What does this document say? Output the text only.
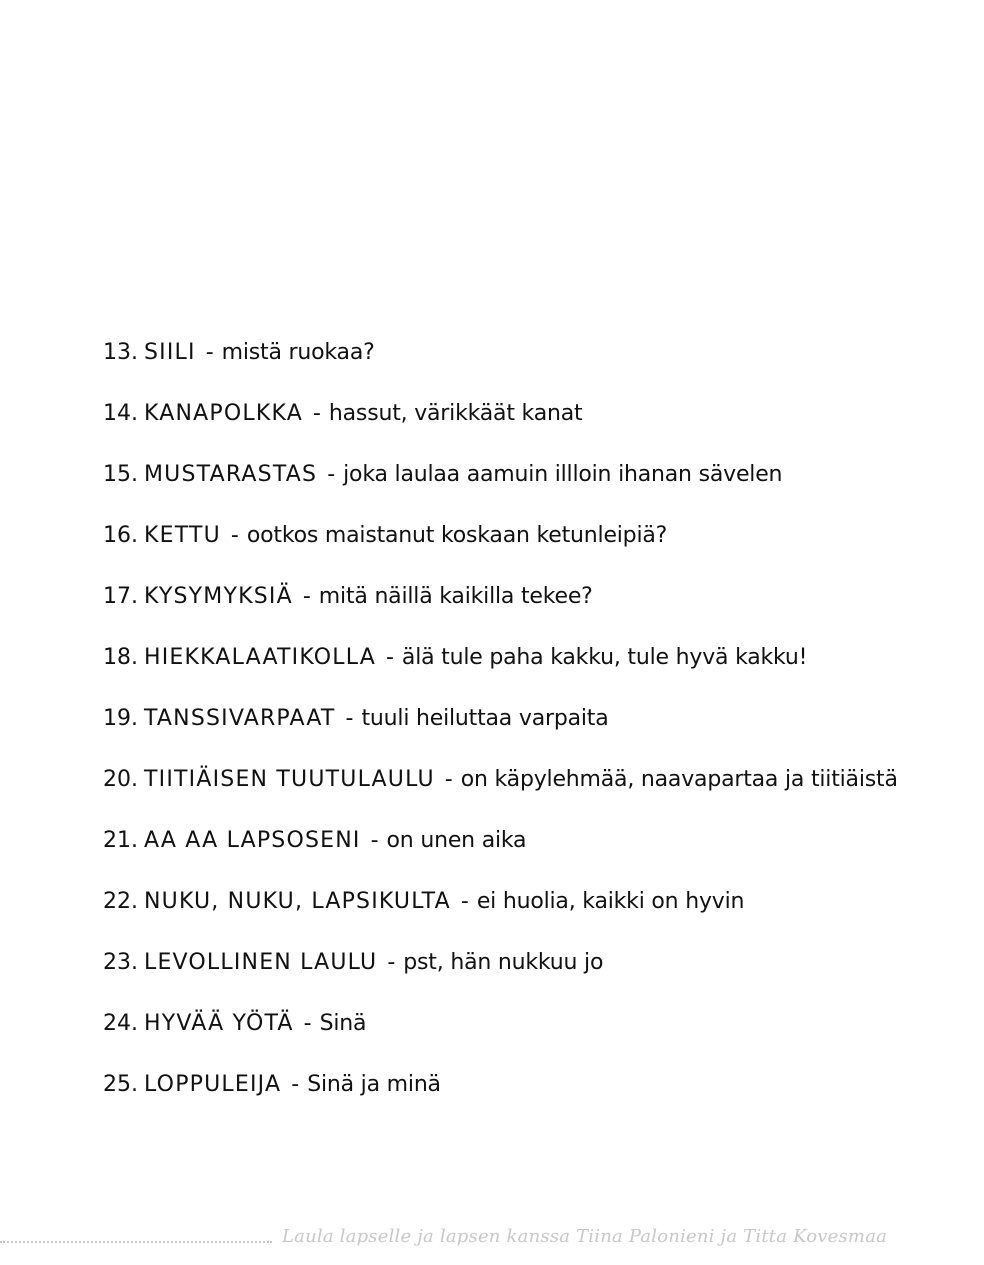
13. SIILI - mistä ruokaa?
14. KANAPOLKKA - hassut, värikkäät kanat
15. MUSTARASTAS - joka laulaa aamuin illloin ihanan sävelen
16. KETTU - ootkos maistanut koskaan ketunleipiä?
17. KYSYMYKSIÄ - mitä näillä kaikilla tekee?
18. HIEKKALAATIKOLLA - älä tule paha kakku, tule hyvä kakku!
19. TANSSIVARPAAT - tuuli heiluttaa varpaita
20. TIITIÄISEN TUUTULAULU - on käpylehmää, naavapartaa ja tiitiäistä
21. AA AA LAPSOSENI - on unen aika
22. NUKU, NUKU, LAPSIKULTA - ei huolia, kaikki on hyvin
23. LEVOLLINEN LAULU - pst, hän nukkuu jo
24. HYVÄÄ YÖTÄ - Sinä
25. LOPPULEIJA - Sinä ja minä
Laula lapselle ja lapsen kanssa Tiina Palonieni ja Titta Kovesmaa
